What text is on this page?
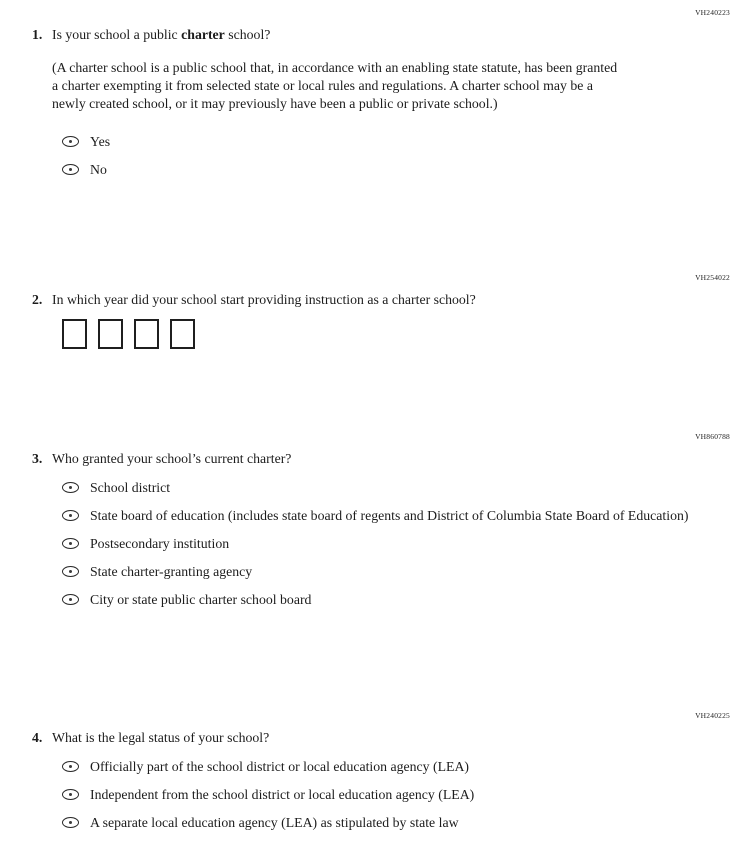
VH240223
1. Is your school a public charter school?
(A charter school is a public school that, in accordance with an enabling state statute, has been granted a charter exempting it from selected state or local rules and regulations. A charter school may be a newly created school, or it may previously have been a public or private school.)
Yes
No
VH254022
2. In which year did your school start providing instruction as a charter school?
VH860788
3. Who granted your school’s current charter?
School district
State board of education (includes state board of regents and District of Columbia State Board of Education)
Postsecondary institution
State charter-granting agency
City or state public charter school board
VH240225
4. What is the legal status of your school?
Officially part of the school district or local education agency (LEA)
Independent from the school district or local education agency (LEA)
A separate local education agency (LEA) as stipulated by state law
